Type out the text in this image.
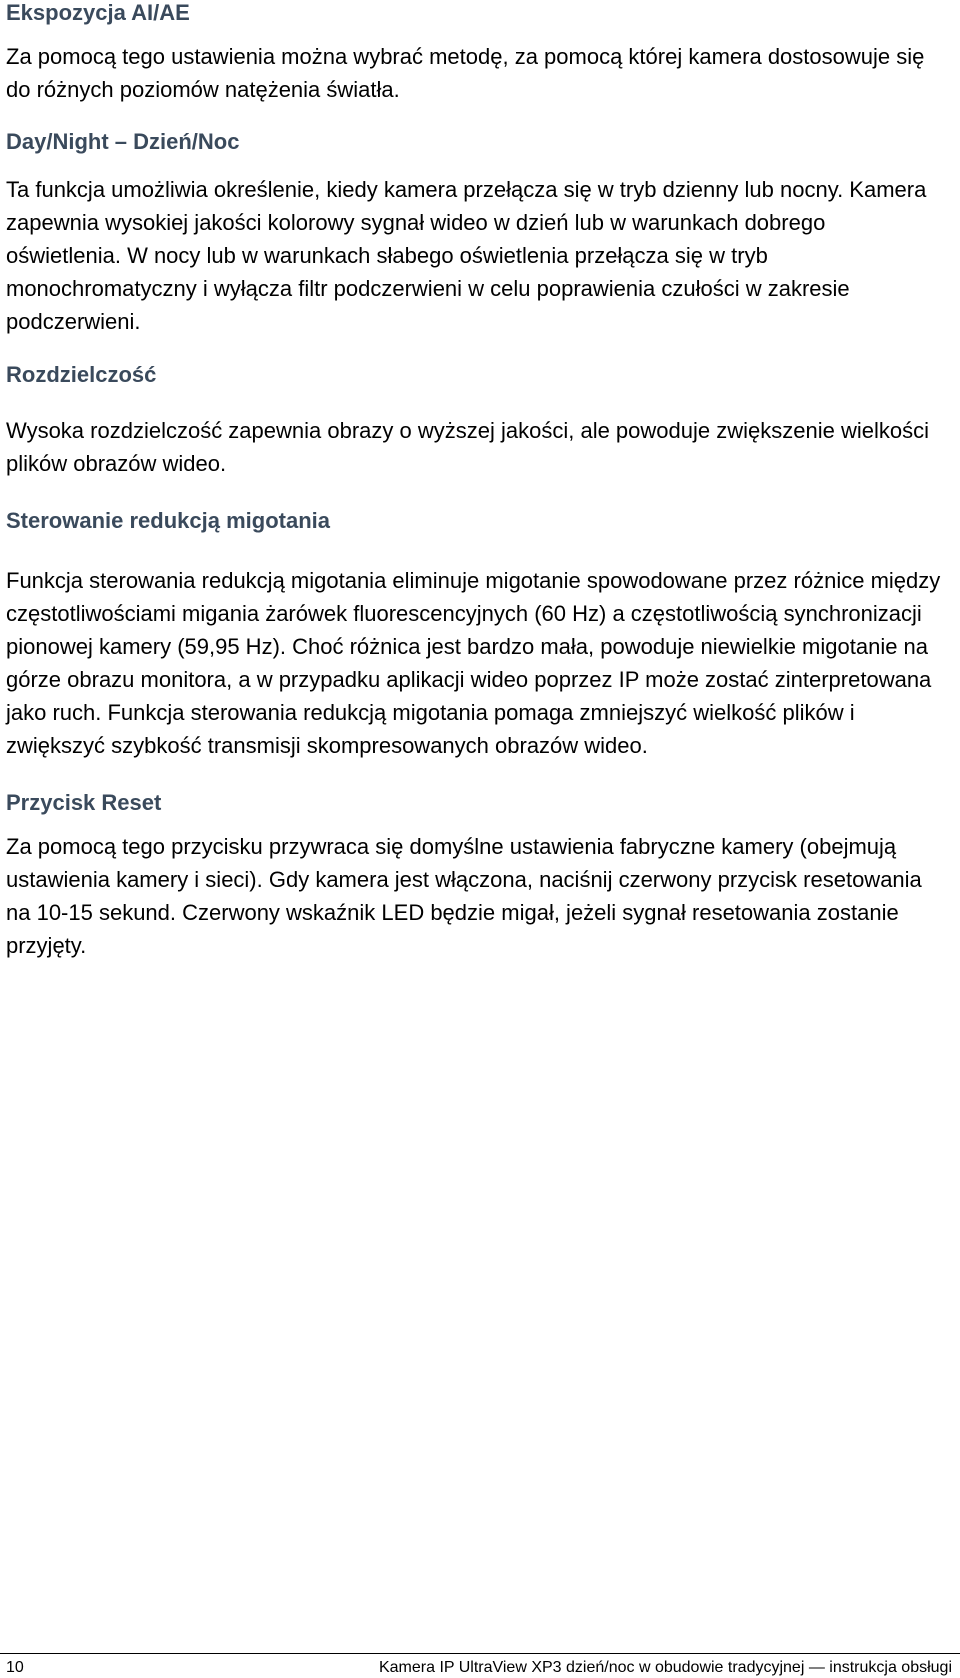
Ekspozycja AI/AE

Za pomocą tego ustawienia można wybrać metodę, za pomocą której kamera dostosowuje się do różnych poziomów natężenia światła.

Day/Night – Dzień/Noc

Ta funkcja umożliwia określenie, kiedy kamera przełącza się w tryb dzienny lub nocny. Kamera zapewnia wysokiej jakości kolorowy sygnał wideo w dzień lub w warunkach dobrego oświetlenia. W nocy lub w warunkach słabego oświetlenia przełącza się w tryb monochromatyczny i wyłącza filtr podczerwieni w celu poprawienia czułości w zakresie podczerwieni.

Rozdzielczość

Wysoka rozdzielczość zapewnia obrazy o wyższej jakości, ale powoduje zwiększenie wielkości plików obrazów wideo.

Sterowanie redukcją migotania

Funkcja sterowania redukcją migotania eliminuje migotanie spowodowane przez różnice między częstotliwościami migania żarówek fluorescencyjnych (60 Hz) a częstotliwością synchronizacji pionowej kamery (59,95 Hz). Choć różnica jest bardzo mała, powoduje niewielkie migotanie na górze obrazu monitora, a w przypadku aplikacji wideo poprzez IP może zostać zinterpretowana jako ruch. Funkcja sterowania redukcją migotania pomaga zmniejszyć wielkość plików i zwiększyć szybkość transmisji skompresowanych obrazów wideo.

Przycisk Reset

Za pomocą tego przycisku przywraca się domyślne ustawienia fabryczne kamery (obejmują ustawienia kamery i sieci). Gdy kamera jest włączona, naciśnij czerwony przycisk resetowania na 10-15 sekund. Czerwony wskaźnik LED będzie migał, jeżeli sygnał resetowania zostanie przyjęty.

10	Kamera IP UltraView XP3 dzień/noc w obudowie tradycyjnej — instrukcja obsługi
